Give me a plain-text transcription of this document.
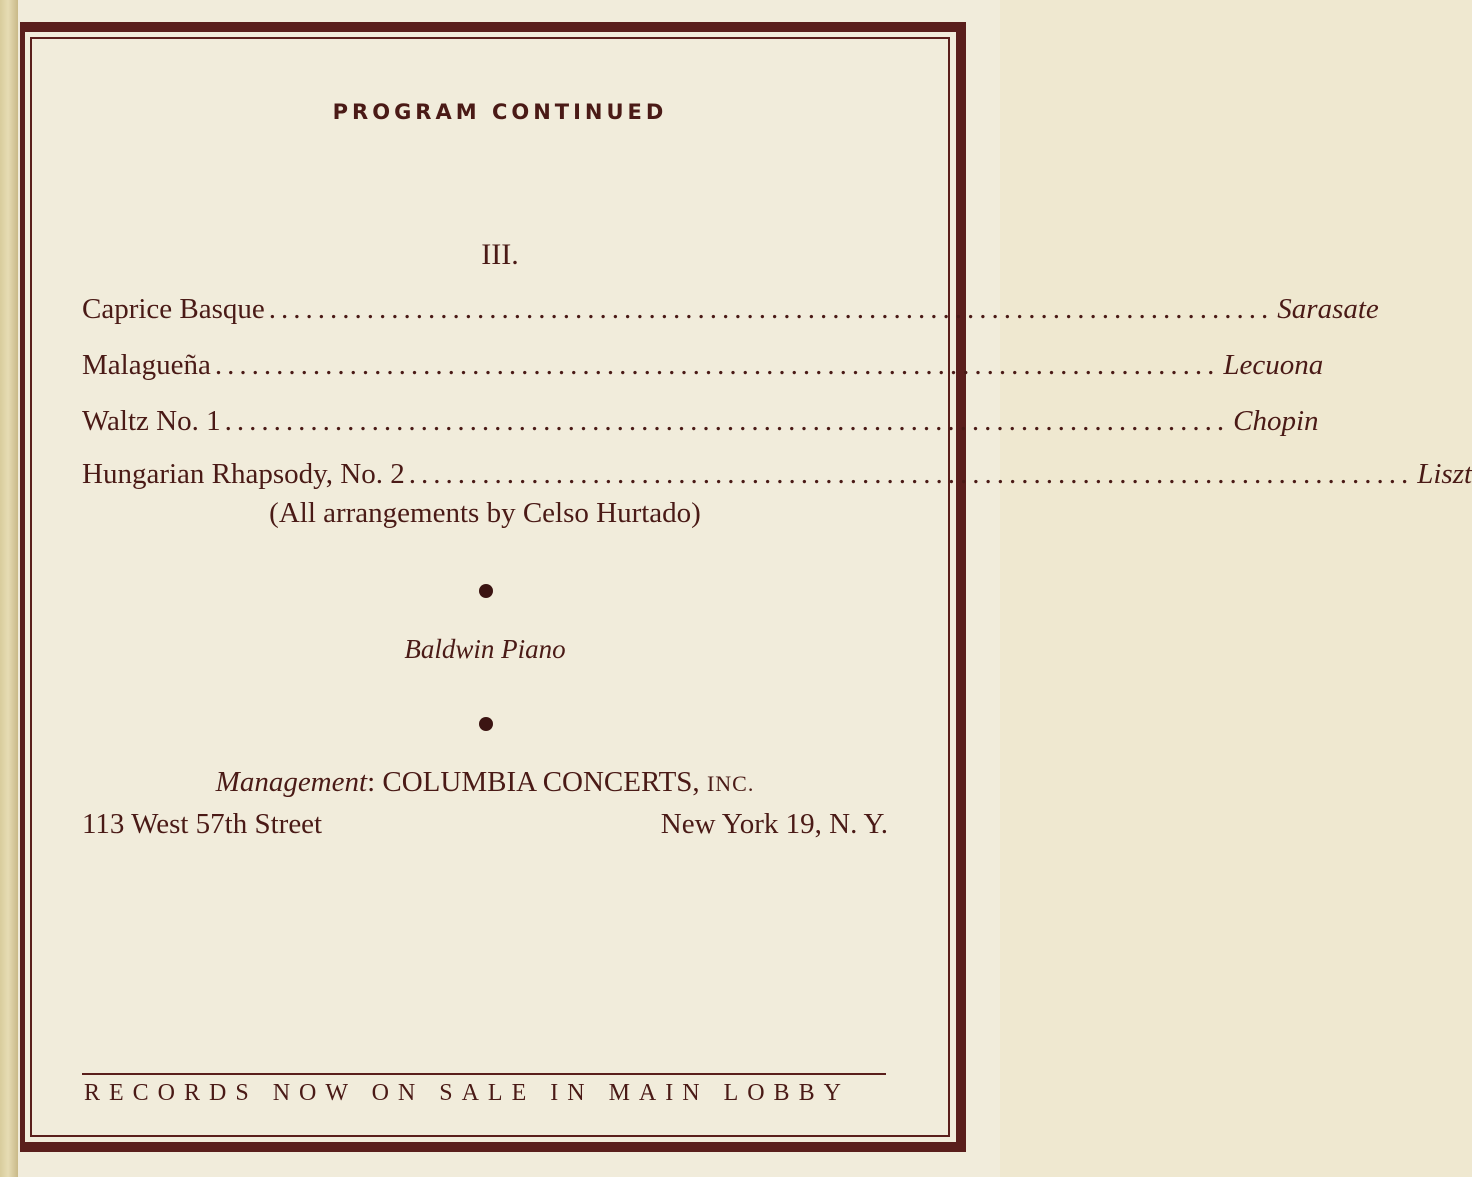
PROGRAM CONTINUED
III.
Caprice Basque .................................................................................. Sarasate
Malagueña .................................................................................. Lecuona
Waltz No. 1 .................................................................................. Chopin
Hungarian Rhapsody, No. 2 .................................................................................. Liszt
(All arrangements by Celso Hurtado)
Baldwin Piano
Management: COLUMBIA CONCERTS, INC.
113 West 57th Street	New York 19, N. Y.
RECORDS NOW ON SALE IN MAIN LOBBY
